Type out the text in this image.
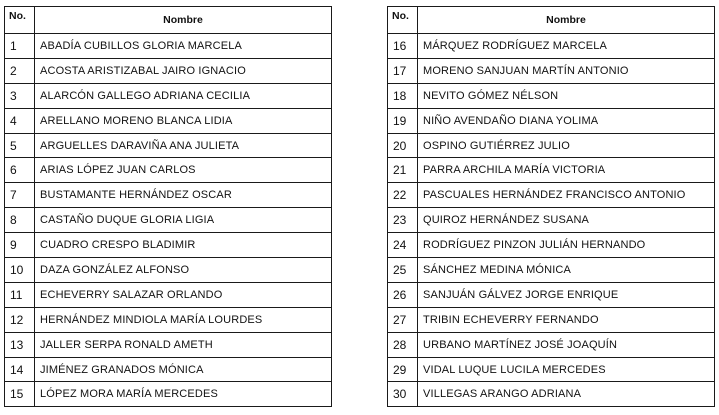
No.	Nombre
1	ABADÍA CUBILLOS GLORIA MARCELA
2	ACOSTA ARISTIZABAL JAIRO IGNACIO
3	ALARCÓN GALLEGO ADRIANA CECILIA
4	ARELLANO MORENO BLANCA LIDIA
5	ARGUELLES DARAVIÑA ANA JULIETA
6	ARIAS LÓPEZ JUAN CARLOS
7	BUSTAMANTE HERNÁNDEZ OSCAR
8	CASTAÑO DUQUE GLORIA LIGIA
9	CUADRO CRESPO BLADIMIR
10	DAZA GONZÁLEZ ALFONSO
11	ECHEVERRY SALAZAR ORLANDO
12	HERNÁNDEZ MINDIOLA MARÍA LOURDES
13	JALLER SERPA RONALD AMETH
14	JIMÉNEZ GRANADOS MÓNICA
15	LÓPEZ MORA MARÍA MERCEDES
No.	Nombre
16	MÁRQUEZ RODRÍGUEZ MARCELA
17	MORENO SANJUAN MARTÍN ANTONIO
18	NEVITO GÓMEZ NÉLSON
19	NIÑO AVENDAÑO DIANA YOLIMA
20	OSPINO GUTIÉRREZ JULIO
21	PARRA ARCHILA MARÍA VICTORIA
22	PASCUALES HERNÁNDEZ FRANCISCO ANTONIO
23	QUIROZ HERNÁNDEZ SUSANA
24	RODRÍGUEZ PINZON JULIÁN HERNANDO
25	SÁNCHEZ MEDINA MÓNICA
26	SANJUÁN GÁLVEZ JORGE ENRIQUE
27	TRIBIN ECHEVERRY FERNANDO
28	URBANO MARTÍNEZ JOSÉ JOAQUÍN
29	VIDAL LUQUE LUCILA MERCEDES
30	VILLEGAS ARANGO ADRIANA
